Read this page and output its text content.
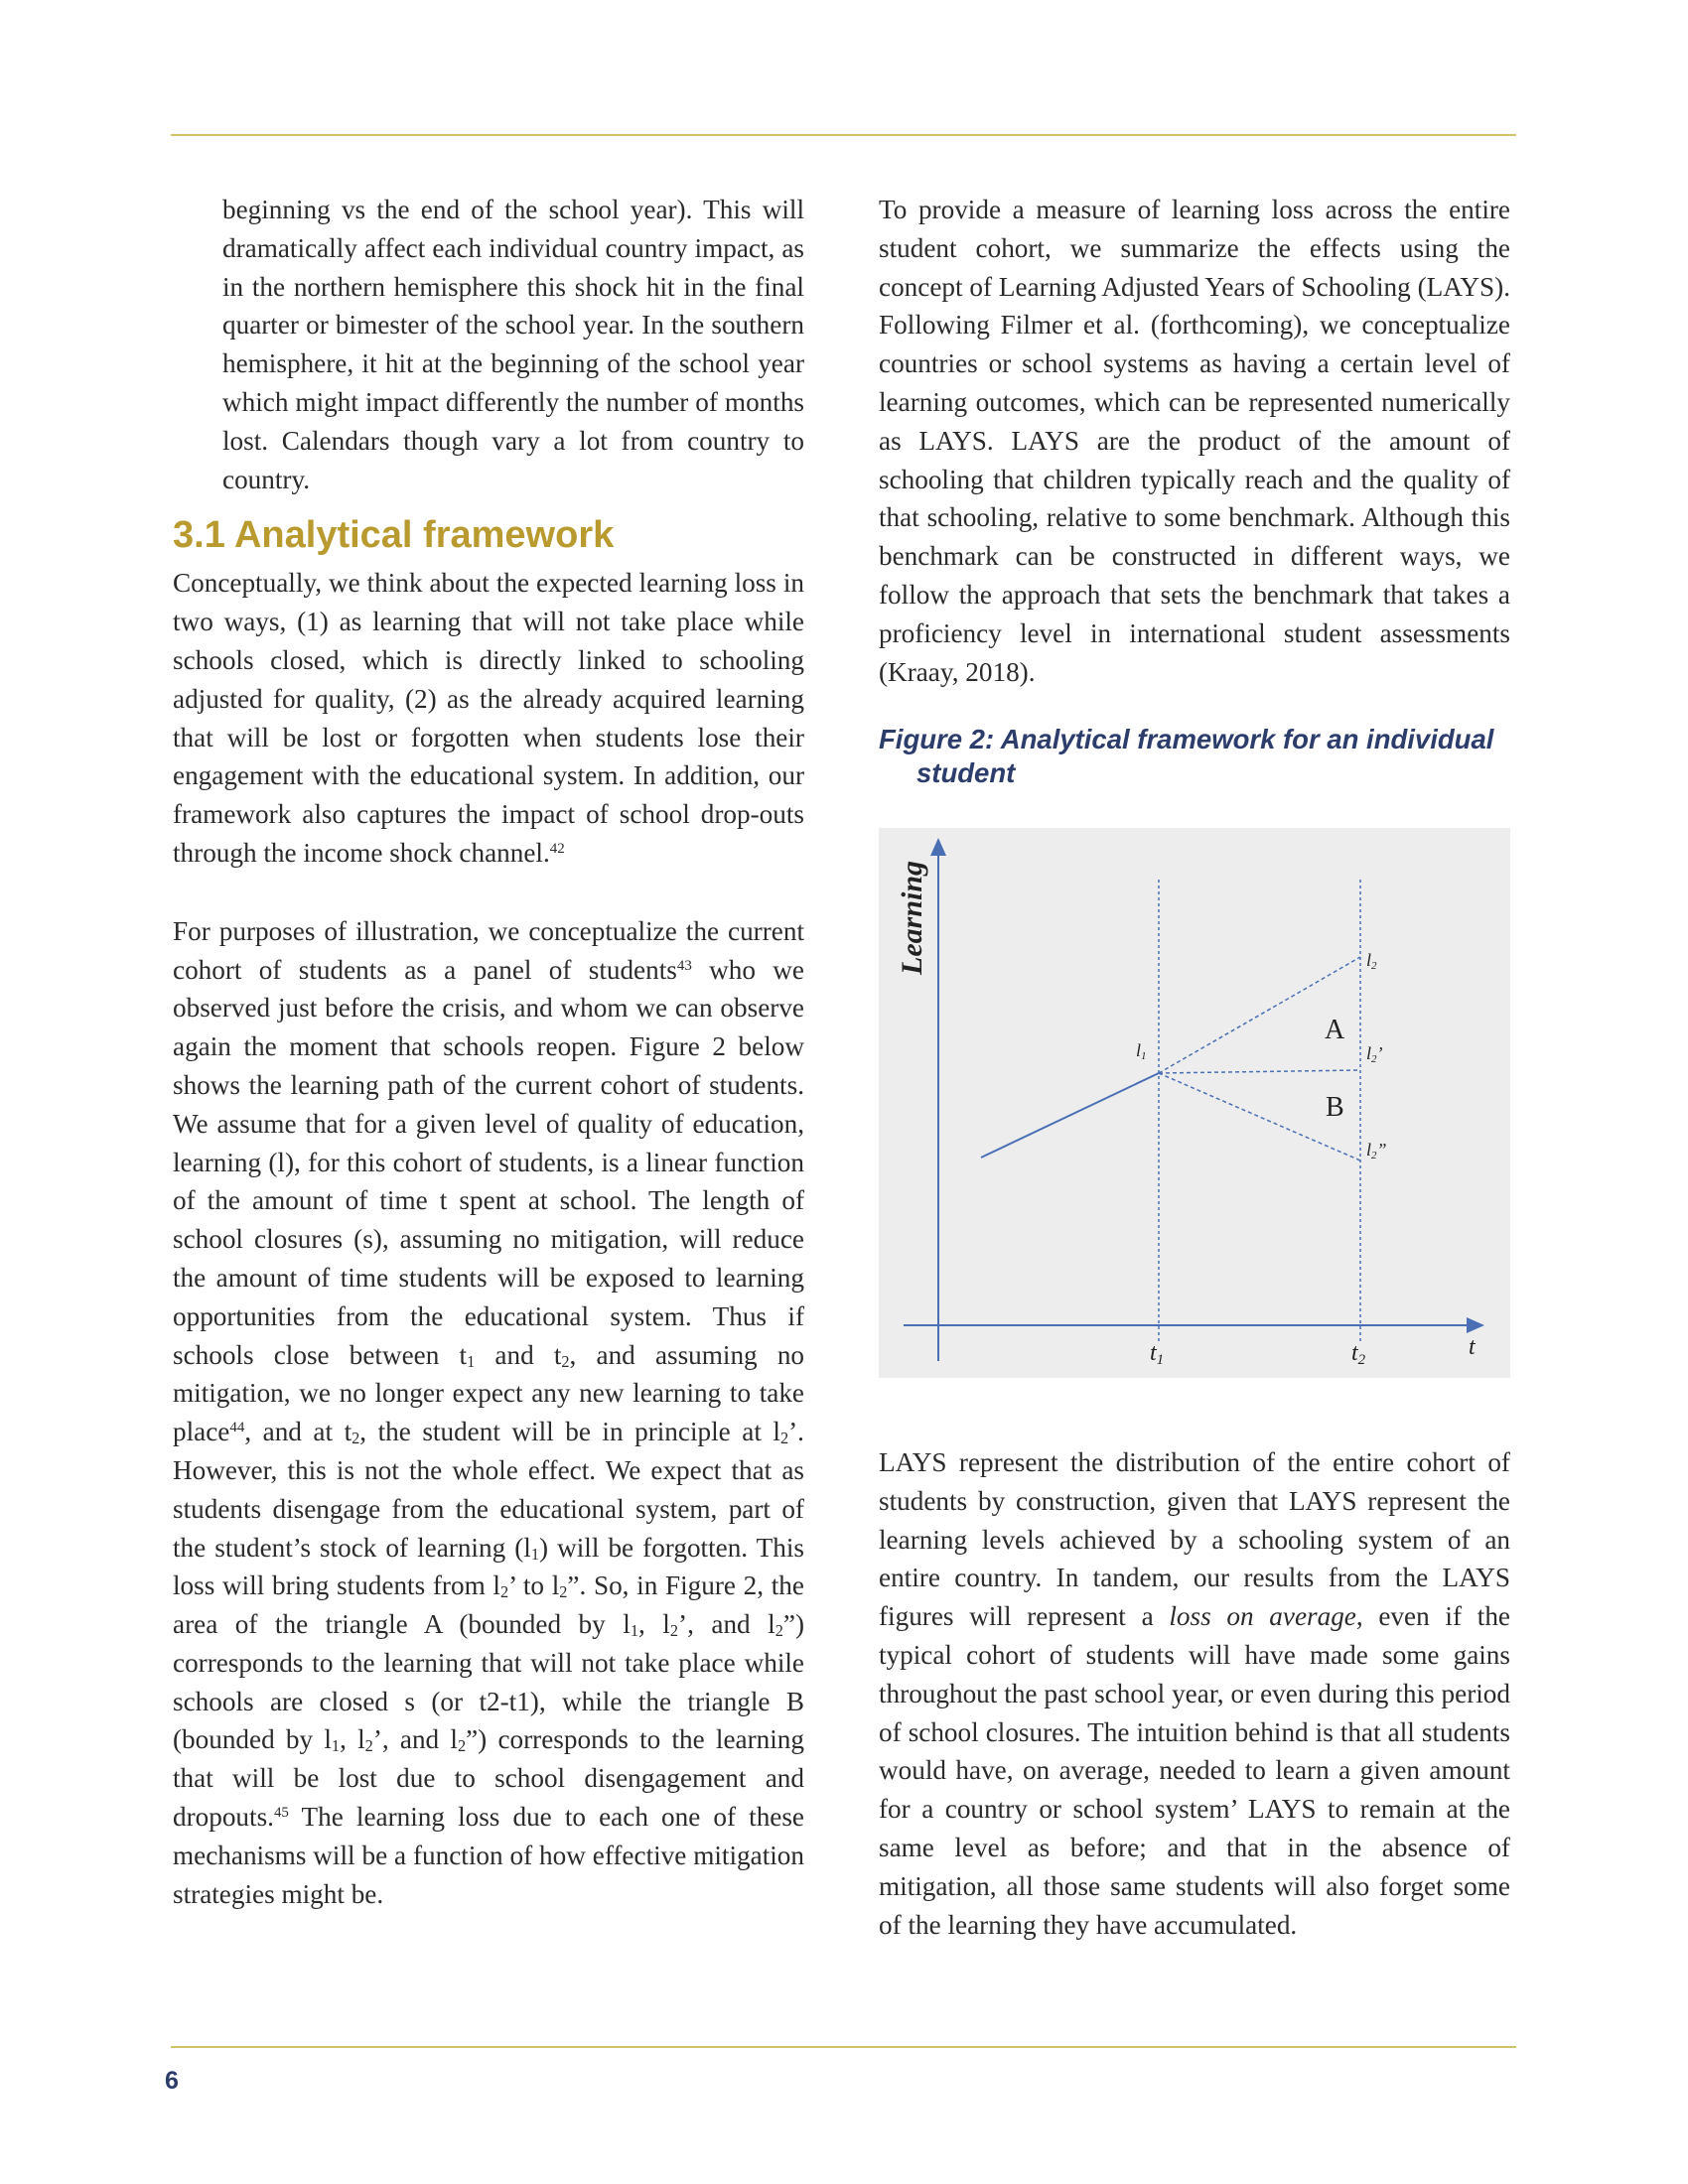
beginning vs the end of the school year). This will dramatically affect each individual country impact, as in the northern hemisphere this shock hit in the final quarter or bimester of the school year. In the southern hemisphere, it hit at the beginning of the school year which might impact differently the number of months lost. Calendars though vary a lot from country to country.

3.1 Analytical framework

Conceptually, we think about the expected learning loss in two ways, (1) as learning that will not take place while schools closed, which is directly linked to schooling adjusted for quality, (2) as the already acquired learning that will be lost or forgotten when students lose their engagement with the educational system. In addition, our framework also captures the impact of school drop-outs through the income shock channel.$^{42}$

For purposes of illustration, we conceptualize the current cohort of students as a panel of students$^{43}$ who we observed just before the crisis, and whom we can observe again the moment that schools reopen. Figure 2 below shows the learning path of the current cohort of students. We assume that for a given level of quality of education, learning (l), for this cohort of students, is a linear function of the amount of time t spent at school. The length of school closures (s), assuming no mitigation, will reduce the amount of time students will be exposed to learning opportunities from the educational system. Thus if schools close between $t_1$ and $t_2$, and assuming no mitigation, we no longer expect any new learning to take place$^{44}$, and at $t_2$, the student will be in principle at $l_2$’. However, this is not the whole effect. We expect that as students disengage from the educational system, part of the student’s stock of learning $(l_1)$ will be forgotten. This loss will bring students from $l_2$’ to $l_2$”. So, in Figure 2, the area of the triangle A (bounded by $l_1$, $l_2$’, and $l_2$”) corresponds to the learning that will not take place while schools are closed s (or t2-t1), while the triangle B (bounded by $l_1$, $l_2$’, and $l_2$”) corresponds to the learning that will be lost due to school disengagement and dropouts.$^{45}$ The learning loss due to each one of these mechanisms will be a function of how effective mitigation strategies might be.

To provide a measure of learning loss across the entire student cohort, we summarize the effects using the concept of Learning Adjusted Years of Schooling (LAYS). Following Filmer et al. (forthcoming), we conceptualize countries or school systems as having a certain level of learning outcomes, which can be represented numerically as LAYS. LAYS are the product of the amount of schooling that children typically reach and the quality of that schooling, relative to some benchmark. Although this benchmark can be constructed in different ways, we follow the approach that sets the benchmark that takes a proficiency level in international student assessments (Kraay, 2018).

Figure 2: Analytical framework for an individual
student
Learning
t
t1	t2
l1
l2
l2’
l2”
A
B

LAYS represent the distribution of the entire cohort of students by construction, given that LAYS represent the learning levels achieved by a schooling system of an entire country. In tandem, our results from the LAYS figures will represent a loss on average, even if the typical cohort of students will have made some gains throughout the past school year, or even during this period of school closures. The intuition behind is that all students would have, on average, needed to learn a given amount for a country or school system’ LAYS to remain at the same level as before; and that in the absence of mitigation, all those same students will also forget some of the learning they have accumulated.

6
